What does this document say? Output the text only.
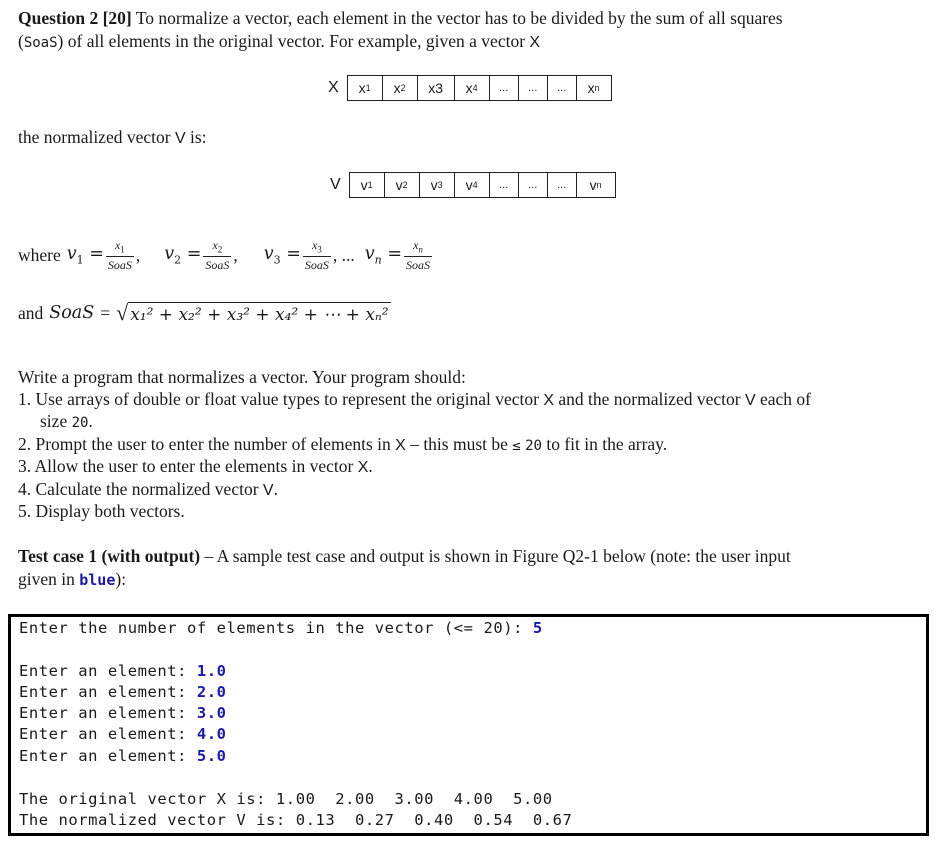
Question 2 [20] To normalize a vector, each element in the vector has to be divided by the sum of all squares
(SoaS) of all elements in the original vector. For example, given a vector X
X	x 1	x 2	x3	x 4	...	...	...	x n
the normalized vector V is:
V	v 1	v 2	v 3	v 4	...	...	...	v n
where $v_1 = \frac{x_1}{\text{SoaS}}$ , $v_2 = \frac{x_2}{\text{SoaS}}$ , $v_3 = \frac{x_3}{\text{SoaS}}$ , ... $v_n = \frac{x_n}{\text{SoaS}}$
and SoaS = √ x₁² + x₂² + x₃² + x₄² + ⋯ + xₙ²
Write a program that normalizes a vector. Your program should:
1. Use arrays of double or float value types to represent the original vector X and the normalized vector V each of
size 20.
2. Prompt the user to enter the number of elements in X – this must be ≤ 20 to fit in the array.
3. Allow the user to enter the elements in vector X.
4. Calculate the normalized vector V.
5. Display both vectors.
Test case 1 (with output) – A sample test case and output is shown in Figure Q2-1 below (note: the user input
given in blue):
Enter the number of elements in the vector (<= 20): 5
Enter an element: 1.0
Enter an element: 2.0
Enter an element: 3.0
Enter an element: 4.0
Enter an element: 5.0
The original vector X is: 1.00  2.00  3.00  4.00  5.00
The normalized vector V is: 0.13  0.27  0.40  0.54  0.67
